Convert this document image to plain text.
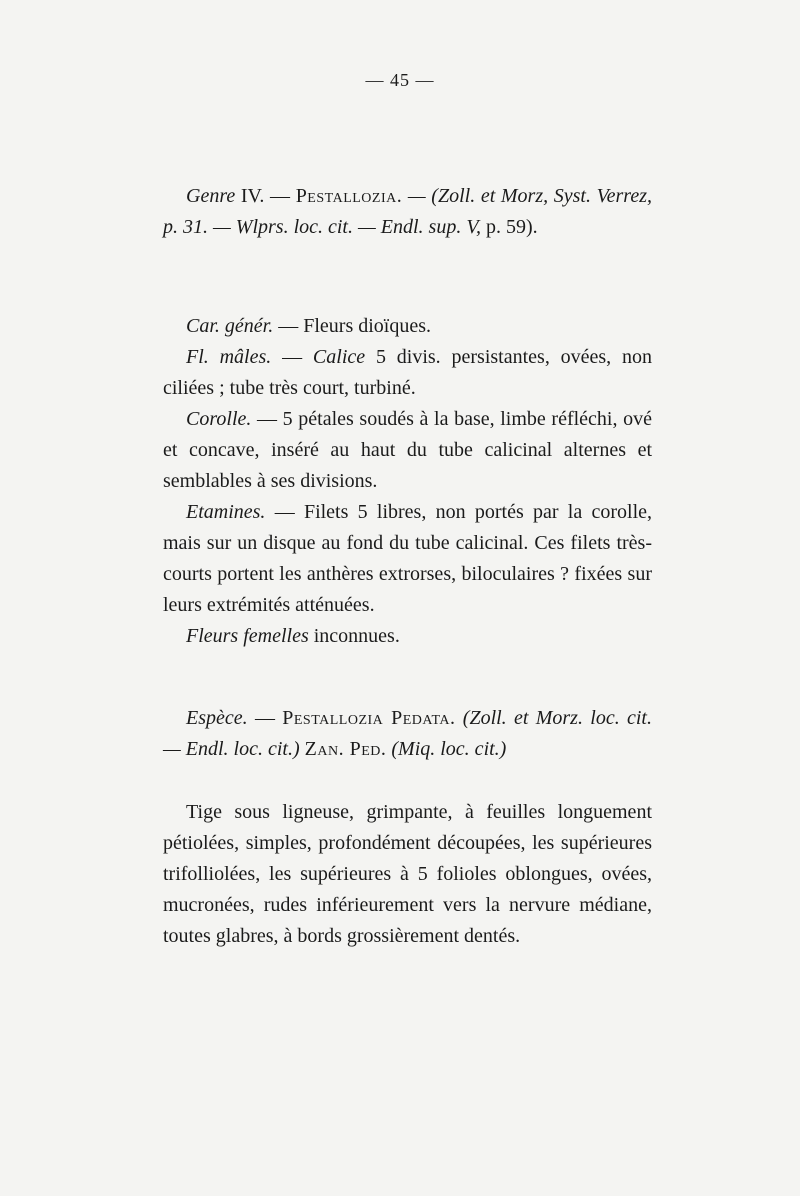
— 45 —

Genre IV. — Pestallozia. — (Zoll. et Morz, Syst. Verrez, p. 31. — Wlprs. loc. cit. — Endl. sup. V, p. 59).

Car. génér. — Fleurs dioïques.

Fl. mâles. — Calice 5 divis. persistantes, ovées, non ciliées ; tube très court, turbiné.

Corolle. — 5 pétales soudés à la base, limbe réfléchi, ové et concave, inséré au haut du tube calicinal alternes et semblables à ses divisions.

Etamines. — Filets 5 libres, non portés par la corolle, mais sur un disque au fond du tube calicinal. Ces filets très-courts portent les anthères extrorses, biloculaires ? fixées sur leurs extrémités atténuées.

Fleurs femelles inconnues.

Espèce. — Pestallozia Pedata. (Zoll. et Morz. loc. cit. — Endl. loc. cit.) Zan. Ped. (Miq. loc. cit.)

Tige sous ligneuse, grimpante, à feuilles longuement pétiolées, simples, profondément découpées, les supérieures trifolliolées, les supérieures à 5 folioles oblongues, ovées, mucronées, rudes inférieurement vers la nervure médiane, toutes glabres, à bords grossièrement dentés.
